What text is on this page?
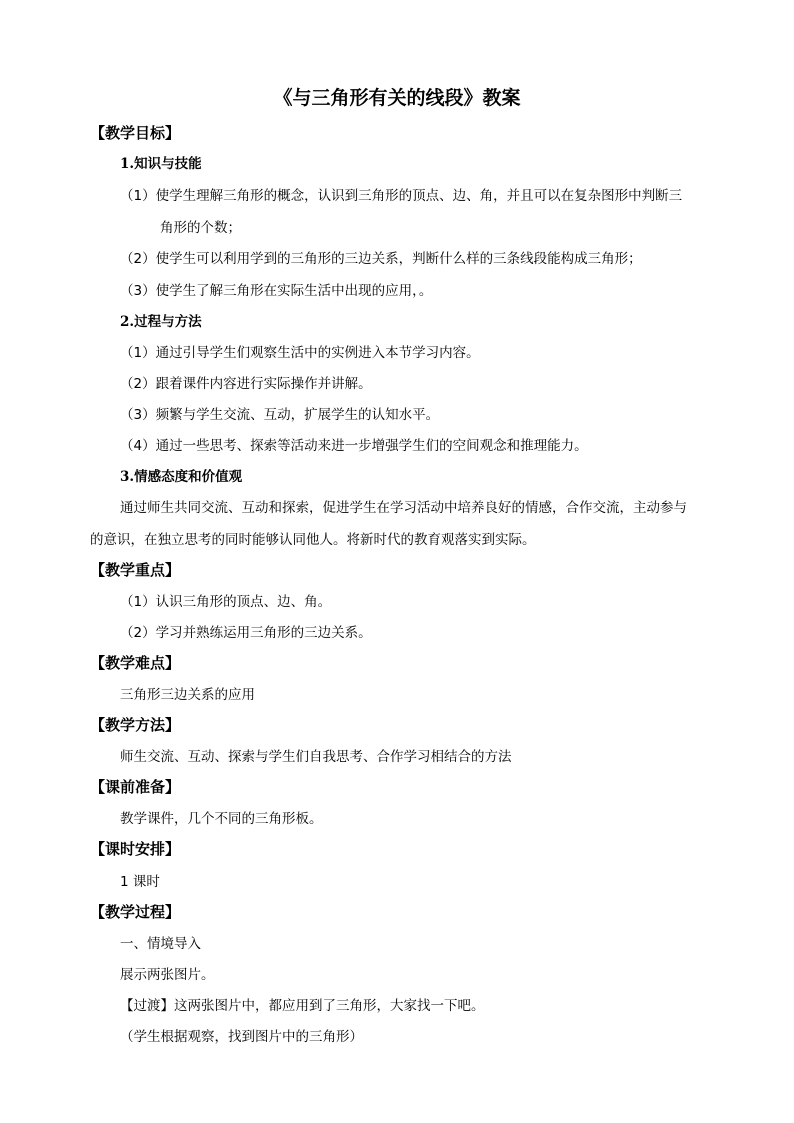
《与三角形有关的线段》教案
【教学目标】
1.知识与技能
（1）使学生理解三角形的概念，认识到三角形的顶点、边、角，并且可以在复杂图形中判断三
角形的个数；
（2）使学生可以利用学到的三角形的三边关系，判断什么样的三条线段能构成三角形；
（3）使学生了解三角形在实际生活中出现的应用，。
2.过程与方法
（1）通过引导学生们观察生活中的实例进入本节学习内容。
（2）跟着课件内容进行实际操作并讲解。
（3）频繁与学生交流、互动，扩展学生的认知水平。
（4）通过一些思考、探索等活动来进一步增强学生们的空间观念和推理能力。
3.情感态度和价值观
通过师生共同交流、互动和探索，促进学生在学习活动中培养良好的情感，合作交流，主动参与
的意识，在独立思考的同时能够认同他人。将新时代的教育观落实到实际。
【教学重点】
（1）认识三角形的顶点、边、角。
（2）学习并熟练运用三角形的三边关系。
【教学难点】
三角形三边关系的应用
【教学方法】
师生交流、互动、探索与学生们自我思考、合作学习相结合的方法
【课前准备】
教学课件，几个不同的三角形板。
【课时安排】
1 课时
【教学过程】
一、情境导入
展示两张图片。
【过渡】这两张图片中，都应用到了三角形，大家找一下吧。
（学生根据观察，找到图片中的三角形）
